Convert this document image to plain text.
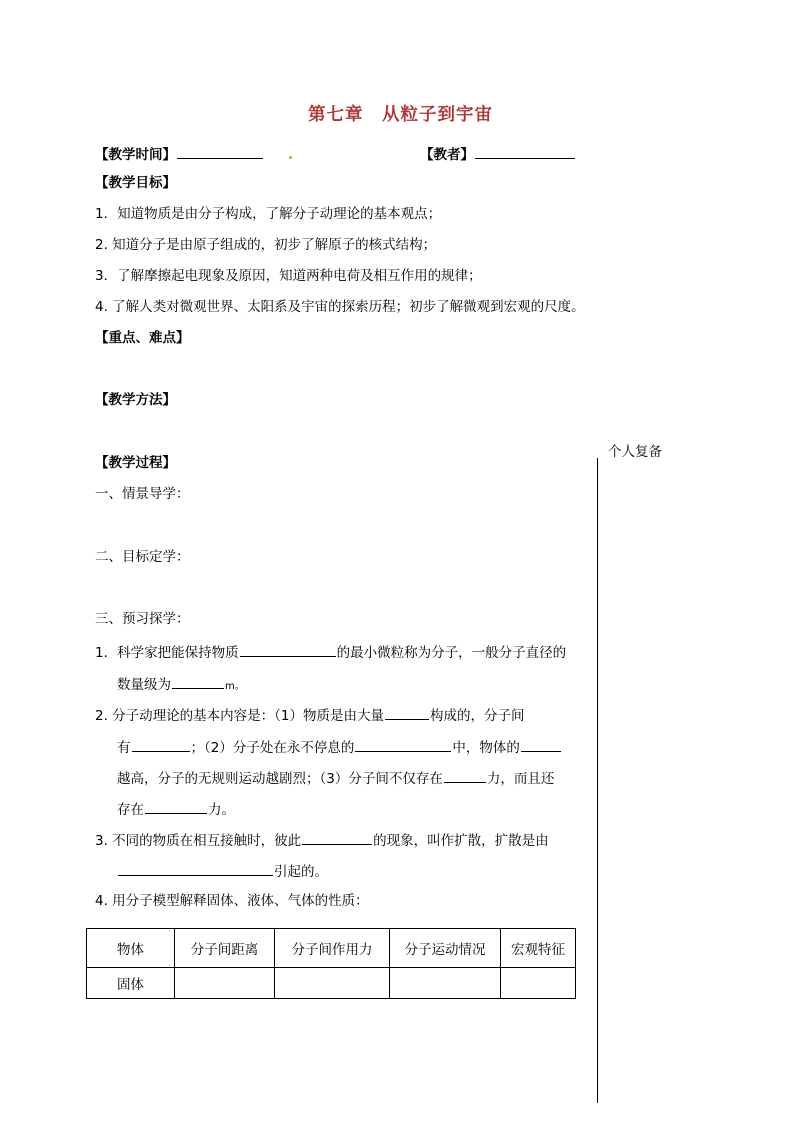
第七章　从粒子到宇宙
【教学时间】	【教者】
【教学目标】
1．知道物质是由分子构成，了解分子动理论的基本观点；
2. 知道分子是由原子组成的，初步了解原子的核式结构；
3．了解摩擦起电现象及原因，知道两种电荷及相互作用的规律；
4. 了解人类对微观世界、太阳系及宇宙的探索历程；初步了解微观到宏观的尺度。
【重点、难点】
【教学方法】
个人复备
【教学过程】
一、情景导学：
二、目标定学：
三、预习探学：
1．科学家把能保持物质	的最小微粒称为分子，一般分子直径的
数量级为	m。
2. 分子动理论的基本内容是：（1）物质是由大量	构成的，分子间
有	；（2）分子处在永不停息的	中，物体的
越高，分子的无规则运动越剧烈；（3）分子间不仅存在	力，而且还
存在	力。
3. 不同的物质在相互接触时，彼此	的现象，叫作扩散，扩散是由
引起的。
4. 用分子模型解释固体、液体、气体的性质：
物体	分子间距离	分子间作用力	分子运动情况	宏观特征
固体				
